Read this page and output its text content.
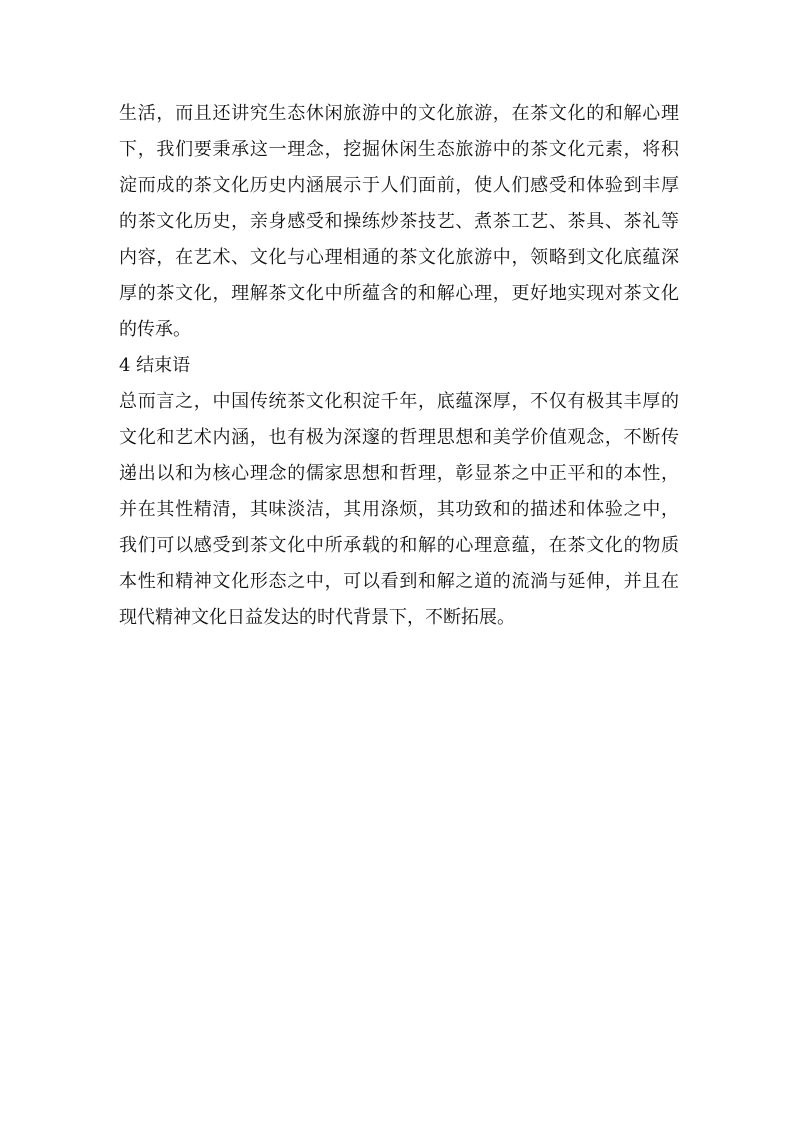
生活，而且还讲究生态休闲旅游中的文化旅游，在茶文化的和解心理
下，我们要秉承这一理念，挖掘休闲生态旅游中的茶文化元素，将积
淀而成的茶文化历史内涵展示于人们面前，使人们感受和体验到丰厚
的茶文化历史，亲身感受和操练炒茶技艺、煮茶工艺、茶具、茶礼等
内容，在艺术、文化与心理相通的茶文化旅游中，领略到文化底蕴深
厚的茶文化，理解茶文化中所蕴含的和解心理，更好地实现对茶文化
的传承。
4 结束语
总而言之，中国传统茶文化积淀千年，底蕴深厚，不仅有极其丰厚的
文化和艺术内涵，也有极为深邃的哲理思想和美学价值观念，不断传
递出以和为核心理念的儒家思想和哲理，彰显茶之中正平和的本性，
并在其性精清，其味淡洁，其用涤烦，其功致和的描述和体验之中，
我们可以感受到茶文化中所承载的和解的心理意蕴，在茶文化的物质
本性和精神文化形态之中，可以看到和解之道的流淌与延伸，并且在
现代精神文化日益发达的时代背景下，不断拓展。
